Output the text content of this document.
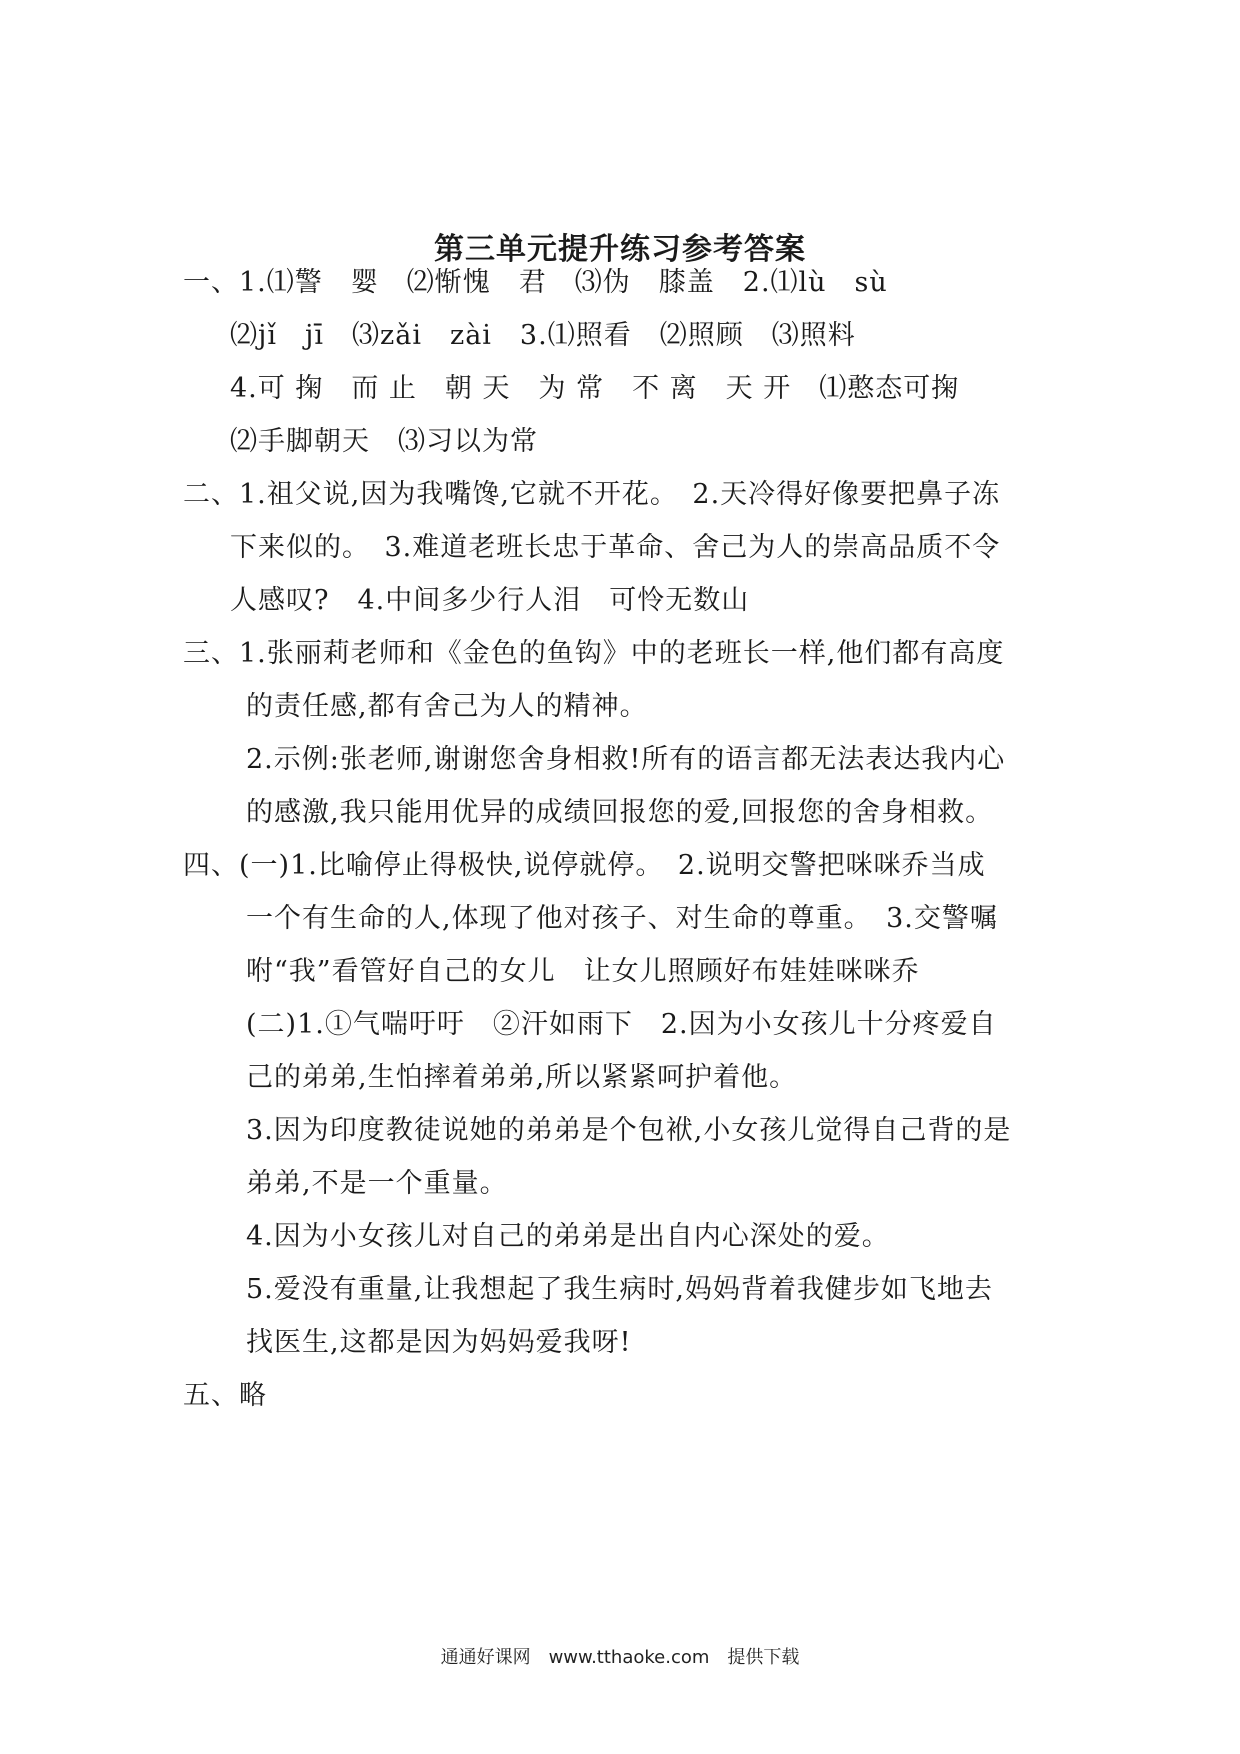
第三单元提升练习参考答案
一、1.⑴警　婴　⑵惭愧　君　⑶伪　膝盖　2.⑴lù　sù
⑵jǐ　jī　⑶zǎi　zài　3.⑴照看　⑵照顾　⑶照料
4.可 掬　而 止　朝 天　为 常　不 离　天 开　⑴憨态可掬
⑵手脚朝天　⑶习以为常
二、1.祖父说,因为我嘴馋,它就不开花。　2.天冷得好像要把鼻子冻
下来似的。　3.难道老班长忠于革命、舍己为人的崇高品质不令
人感叹?　4.中间多少行人泪　可怜无数山
三、1.张丽莉老师和《金色的鱼钩》中的老班长一样,他们都有高度
的责任感,都有舍己为人的精神。
2.示例:张老师,谢谢您舍身相救!所有的语言都无法表达我内心
的感激,我只能用优异的成绩回报您的爱,回报您的舍身相救。
四、(一)1.比喻停止得极快,说停就停。　2.说明交警把咪咪乔当成
一个有生命的人,体现了他对孩子、对生命的尊重。　3.交警嘱
咐“我”看管好自己的女儿　让女儿照顾好布娃娃咪咪乔
(二)1.①气喘吁吁　②汗如雨下　2.因为小女孩儿十分疼爱自
己的弟弟,生怕摔着弟弟,所以紧紧呵护着他。
3.因为印度教徒说她的弟弟是个包袱,小女孩儿觉得自己背的是
弟弟,不是一个重量。
4.因为小女孩儿对自己的弟弟是出自内心深处的爱。
5.爱没有重量,让我想起了我生病时,妈妈背着我健步如飞地去
找医生,这都是因为妈妈爱我呀!
五、略
通通好课网　www.tthaoke.com　提供下载
